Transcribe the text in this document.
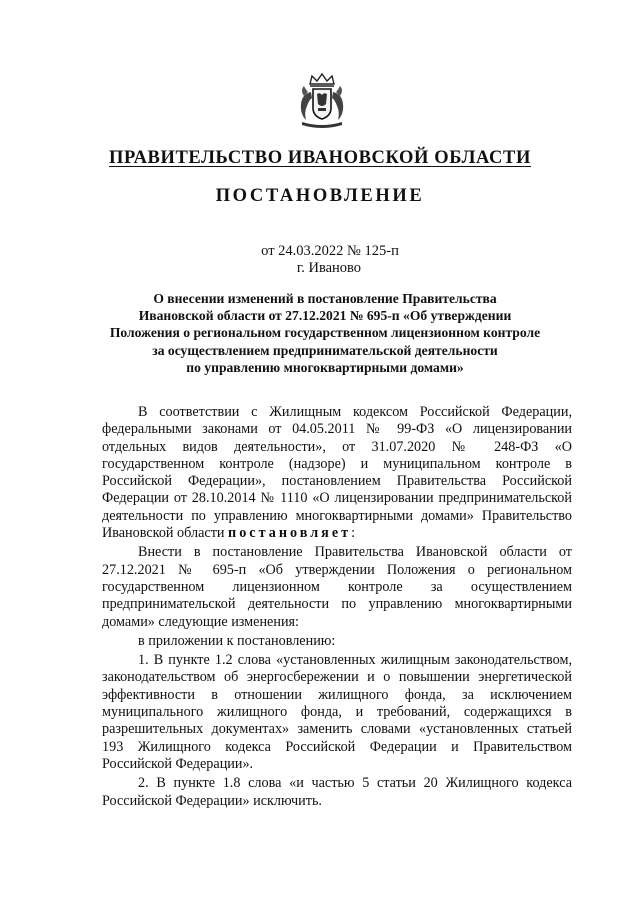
ПРАВИТЕЛЬСТВО ИВАНОВСКОЙ ОБЛАСТИ
ПОСТАНОВЛЕНИЕ
от 24.03.2022 № 125-п
г. Иваново
О внесении изменений в постановление Правительства
Ивановской области от 27.12.2021 № 695-п «Об утверждении
Положения о региональном государственном лицензионном контроле
за осуществлением предпринимательской деятельности
по управлению многоквартирными домами»

В соответствии с Жилищным кодексом Российской Федерации, федеральными законами от 04.05.2011 № 99-ФЗ «О лицензировании отдельных видов деятельности», от 31.07.2020 № 248-ФЗ «О государственном контроле (надзоре) и муниципальном контроле в Российской Федерации», постановлением Правительства Российской Федерации от 28.10.2014 № 1110 «О лицензировании предпринимательской деятельности по управлению многоквартирными домами» Правительство Ивановской области постановляет:

Внести в постановление Правительства Ивановской области от 27.12.2021 № 695-п «Об утверждении Положения о региональном государственном лицензионном контроле за осуществлением предпринимательской деятельности по управлению многоквартирными домами» следующие изменения:

в приложении к постановлению:

1. В пункте 1.2 слова «установленных жилищным законодательством, законодательством об энергосбережении и о повышении энергетической эффективности в отношении жилищного фонда, за исключением муниципального жилищного фонда, и требований, содержащихся в разрешительных документах» заменить словами «установленных статьей 193 Жилищного кодекса Российской Федерации и Правительством Российской Федерации».

2. В пункте 1.8 слова «и частью 5 статьи 20 Жилищного кодекса Российской Федерации» исключить.
